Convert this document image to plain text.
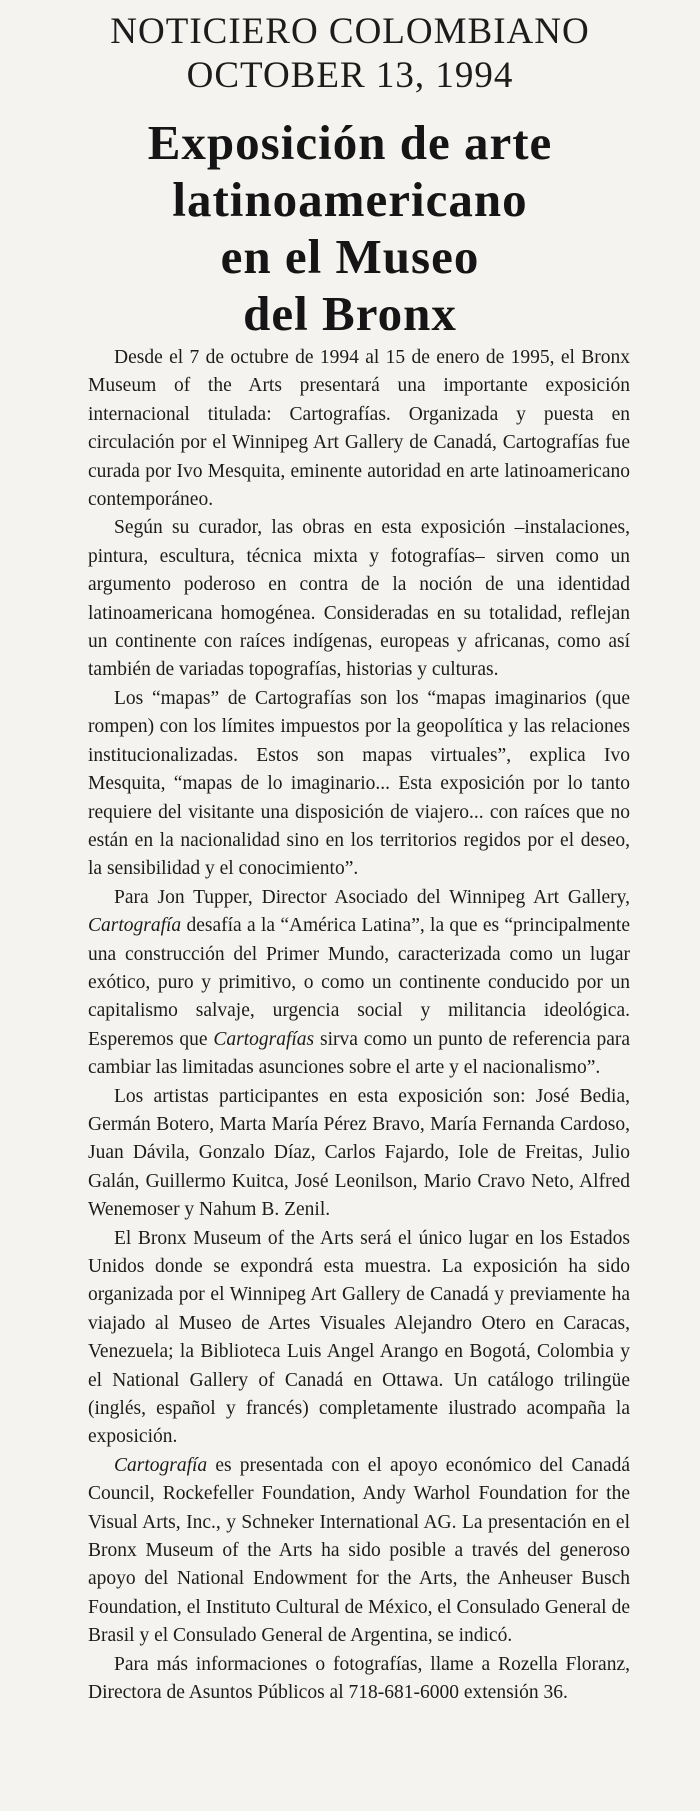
NOTICIERO COLOMBIANO
OCTOBER 13, 1994
Exposición de arte
latinoamericano
en el Museo
del Bronx

Desde el 7 de octubre de 1994 al 15 de enero de 1995, el Bronx Museum of the Arts presentará una importante exposición internacional titulada: Cartografías. Organizada y puesta en circulación por el Winnipeg Art Gallery de Canadá, Cartografías fue curada por Ivo Mesquita, eminente autoridad en arte latinoamericano contemporáneo.

Según su curador, las obras en esta exposición –instalaciones, pintura, escultura, técnica mixta y fotografías– sirven como un argumento poderoso en contra de la noción de una identidad latinoamericana homogénea. Consideradas en su totalidad, reflejan un continente con raíces indígenas, europeas y africanas, como así también de variadas topografías, historias y culturas.

Los “mapas” de Cartografías son los “mapas imaginarios (que rompen) con los límites impuestos por la geopolítica y las relaciones institucionalizadas. Estos son mapas virtuales”, explica Ivo Mesquita, “mapas de lo imaginario... Esta exposición por lo tanto requiere del visitante una disposición de viajero... con raíces que no están en la nacionalidad sino en los territorios regidos por el deseo, la sensibilidad y el conocimiento”.

Para Jon Tupper, Director Asociado del Winnipeg Art Gallery, Cartografía desafía a la “América Latina”, la que es “principalmente una construcción del Primer Mundo, caracterizada como un lugar exótico, puro y primitivo, o como un continente conducido por un capitalismo salvaje, urgencia social y militancia ideológica. Esperemos que Cartografías sirva como un punto de referencia para cambiar las limitadas asunciones sobre el arte y el nacionalismo”.

Los artistas participantes en esta exposición son: José Bedia, Germán Botero, Marta María Pérez Bravo, María Fernanda Cardoso, Juan Dávila, Gonzalo Díaz, Carlos Fajardo, Iole de Freitas, Julio Galán, Guillermo Kuitca, José Leonilson, Mario Cravo Neto, Alfred Wenemoser y Nahum B. Zenil.

El Bronx Museum of the Arts será el único lugar en los Estados Unidos donde se expondrá esta muestra. La exposición ha sido organizada por el Winnipeg Art Gallery de Canadá y previamente ha viajado al Museo de Artes Visuales Alejandro Otero en Caracas, Venezuela; la Biblioteca Luis Angel Arango en Bogotá, Colombia y el National Gallery of Canadá en Ottawa. Un catálogo trilingüe (inglés, español y francés) completamente ilustrado acompaña la exposición.

Cartografía es presentada con el apoyo económico del Canadá Council, Rockefeller Foundation, Andy Warhol Foundation for the Visual Arts, Inc., y Schneker International AG. La presentación en el Bronx Museum of the Arts ha sido posible a través del generoso apoyo del National Endowment for the Arts, the Anheuser Busch Foundation, el Instituto Cultural de México, el Consulado General de Brasil y el Consulado General de Argentina, se indicó.

Para más informaciones o fotografías, llame a Rozella Floranz, Directora de Asuntos Públicos al 718-681-6000 extensión 36.
